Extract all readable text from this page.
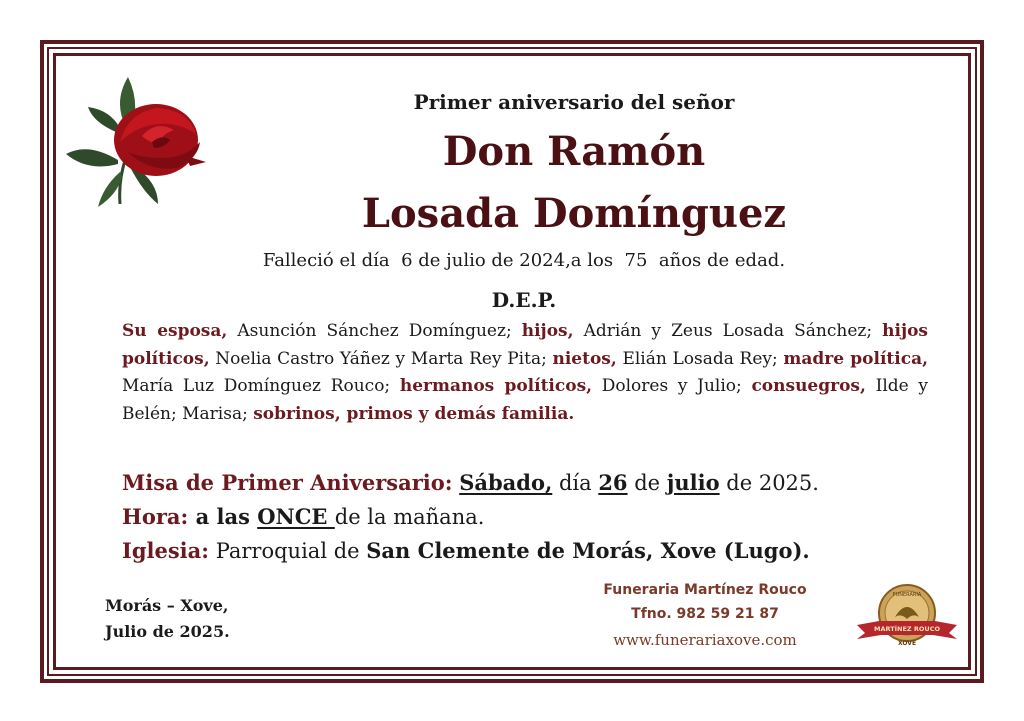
Primer aniversario del señor
Don Ramón
Losada Domínguez
Falleció el día  6 de julio de 2024,a los  75  años de edad.
D.E.P.
Su esposa, Asunción Sánchez Domínguez; hijos, Adrián y Zeus Losada Sánchez; hijos políticos, Noelia Castro Yáñez y Marta Rey Pita; nietos, Elián Losada Rey; madre política, María Luz Domínguez Rouco; hermanos políticos, Dolores y Julio; consuegros, Ilde y Belén; Marisa; sobrinos, primos y demás familia.
Misa de Primer Aniversario: Sábado, día 26 de julio de 2025.
Hora: a las ONCE de la mañana.
Iglesia: Parroquial de San Clemente de Morás, Xove (Lugo).
Morás – Xove,
Julio de 2025.
Funeraria Martínez Rouco
Tfno. 982 59 21 87
www.funerariaxove.com
MARTÍNEZ ROUCO
FUNERARIA
XOVE
